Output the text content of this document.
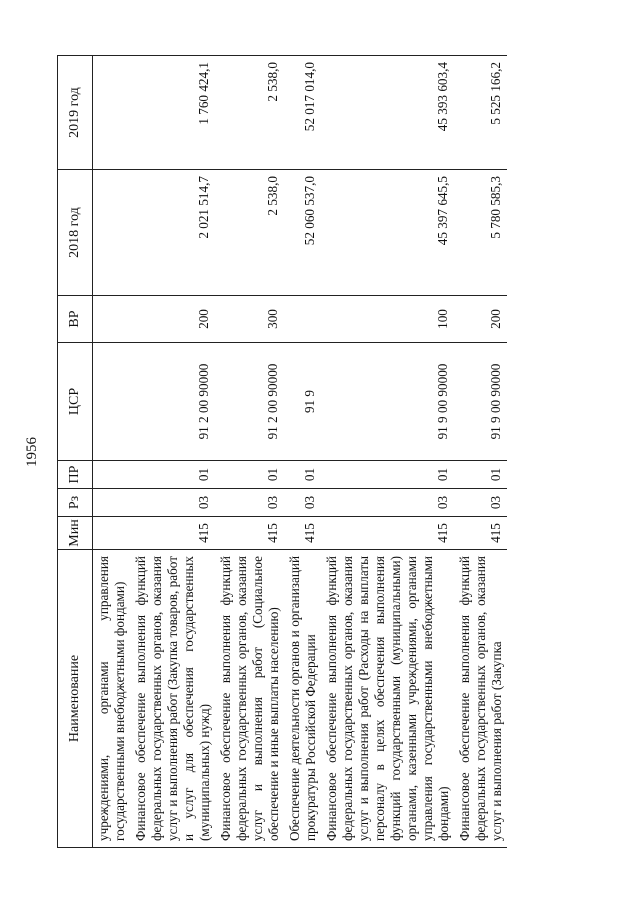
1956
Наименование	Мин	Рз	ПР	ЦСР	ВР	2018 год	2019 год
учреждениями, органами управления государственными внебюджетными фондами)							
Финансовое обеспечение выполнения функций федеральных государственных органов, оказания услуг и выполнения работ (Закупка товаров, работ и услуг для обеспечения государственных (муниципальных) нужд)	415	03	01	91 2 00 90000	200	2 021 514,7	1 760 424,1
Финансовое обеспечение выполнения функций федеральных государственных органов, оказания услуг и выполнения работ (Социальное обеспечение и иные выплаты населению)	415	03	01	91 2 00 90000	300	2 538,0	2 538,0
Обеспечение деятельности органов и организаций прокуратуры Российской Федерации	415	03	01	91 9		52 060 537,0	52 017 014,0
Финансовое обеспечение выполнения функций федеральных государственных органов, оказания услуг и выполнения работ (Расходы на выплаты персоналу в целях обеспечения выполнения функций государственными (муниципальными) органами, казенными учреждениями, органами управления государственными внебюджетными фондами)	415	03	01	91 9 00 90000	100	45 397 645,5	45 393 603,4
Финансовое обеспечение выполнения функций федеральных государственных органов, оказания услуг и выполнения работ (Закупка	415	03	01	91 9 00 90000	200	5 780 585,3	5 525 166,2
